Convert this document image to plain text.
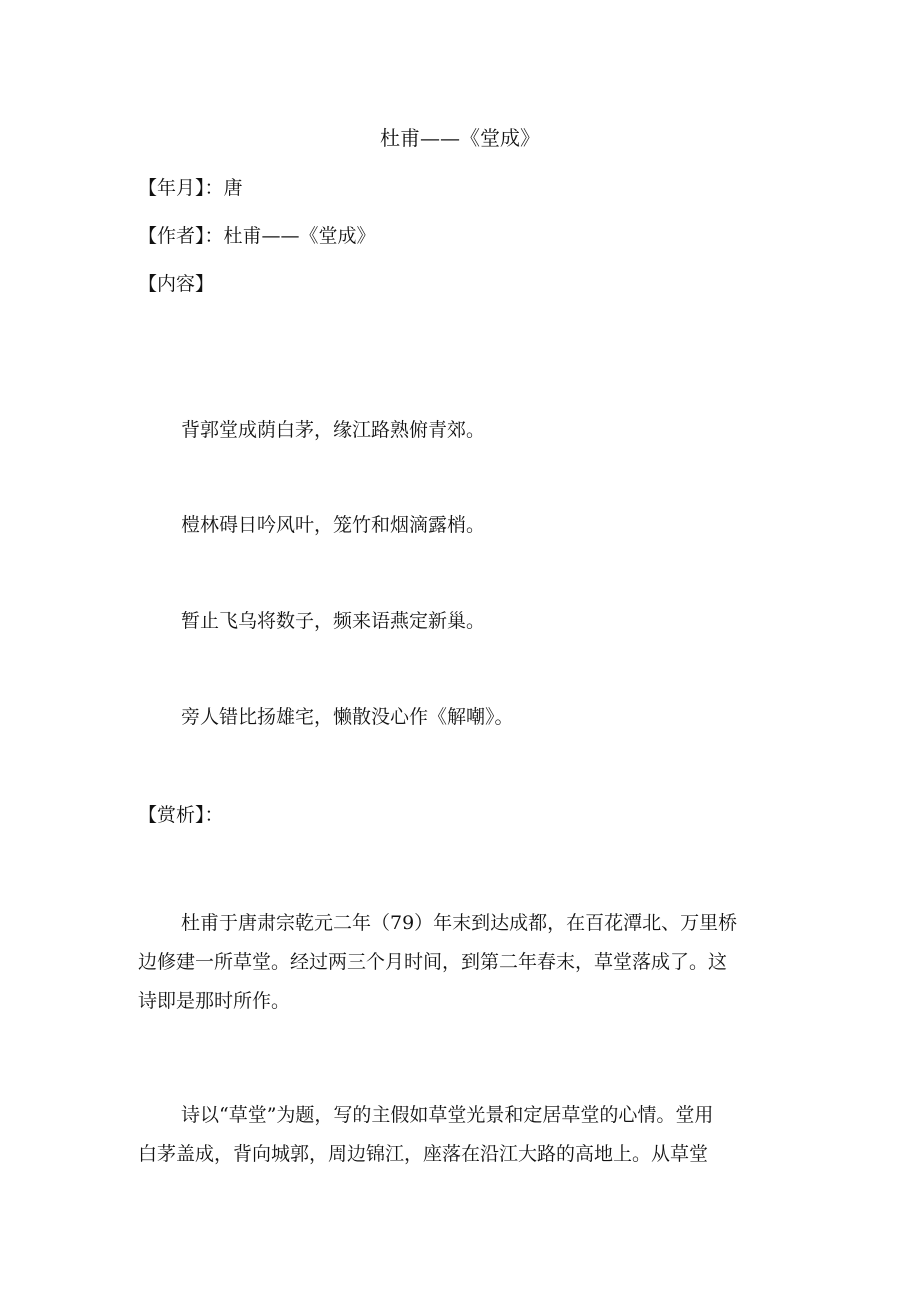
杜甫——《堂成》
【年月】：唐
【作者】：杜甫——《堂成》
【内容】
背郭堂成荫白茅，缘江路熟俯青郊。
榿林碍日吟风叶，笼竹和烟滴露梢。
暂止飞乌将数子，频来语燕定新巢。
旁人错比扬雄宅，懒散没心作《解嘲》。
【赏析】：
杜甫于唐肃宗乾元二年（79）年末到达成都，在百花潭北、万里桥
边修建一所草堂。经过两三个月时间，到第二年春末，草堂落成了。这
诗即是那时所作。
诗以“草堂”为题，写的主假如草堂光景和定居草堂的心情。堂用
白茅盖成，背向城郭，周边锦江，座落在沿江大路的高地上。从草堂
